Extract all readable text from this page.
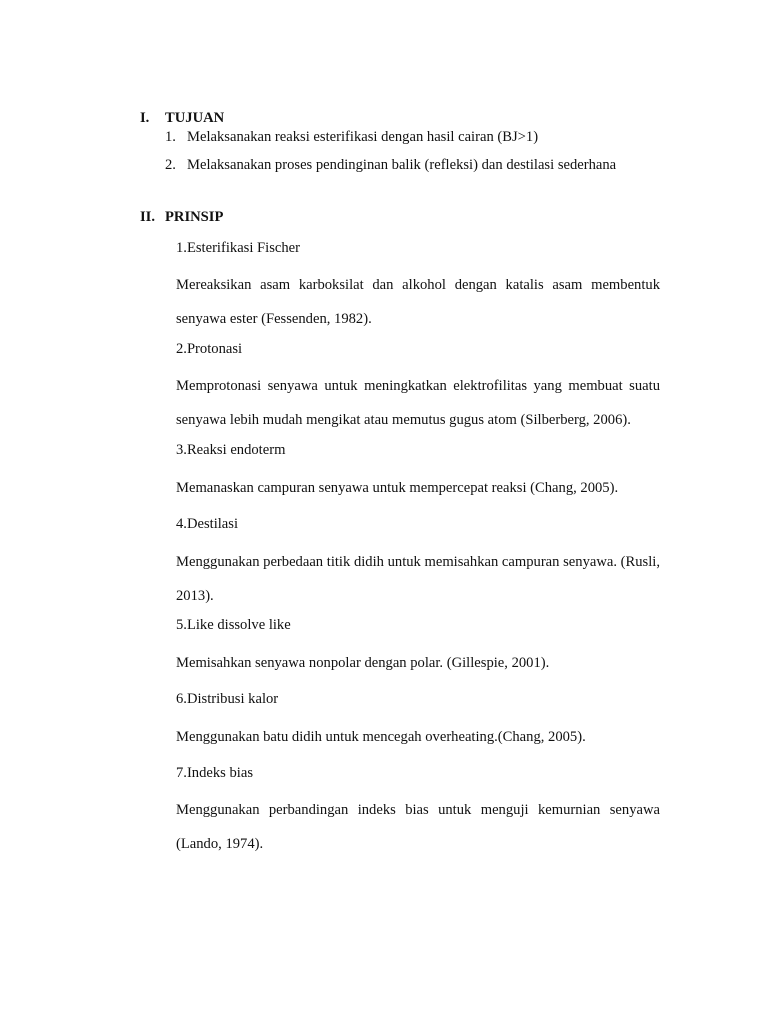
I. TUJUAN
1. Melaksanakan reaksi esterifikasi dengan hasil cairan (BJ>1)
2. Melaksanakan proses pendinginan balik (refleksi) dan destilasi sederhana
II. PRINSIP
1.Esterifikasi Fischer
Mereaksikan asam karboksilat dan alkohol dengan katalis asam membentuk senyawa ester (Fessenden, 1982).
2.Protonasi
Memprotonasi senyawa untuk meningkatkan elektrofilitas yang membuat suatu senyawa lebih mudah mengikat atau memutus gugus atom (Silberberg, 2006).
3.Reaksi endoterm
Memanaskan campuran senyawa untuk mempercepat reaksi (Chang, 2005).
4.Destilasi
Menggunakan perbedaan titik didih untuk memisahkan campuran senyawa. (Rusli, 2013).
5.Like dissolve like
Memisahkan senyawa nonpolar dengan polar. (Gillespie, 2001).
6.Distribusi kalor
Menggunakan batu didih untuk mencegah overheating.(Chang, 2005).
7.Indeks bias
Menggunakan perbandingan indeks bias untuk menguji kemurnian senyawa (Lando, 1974).
